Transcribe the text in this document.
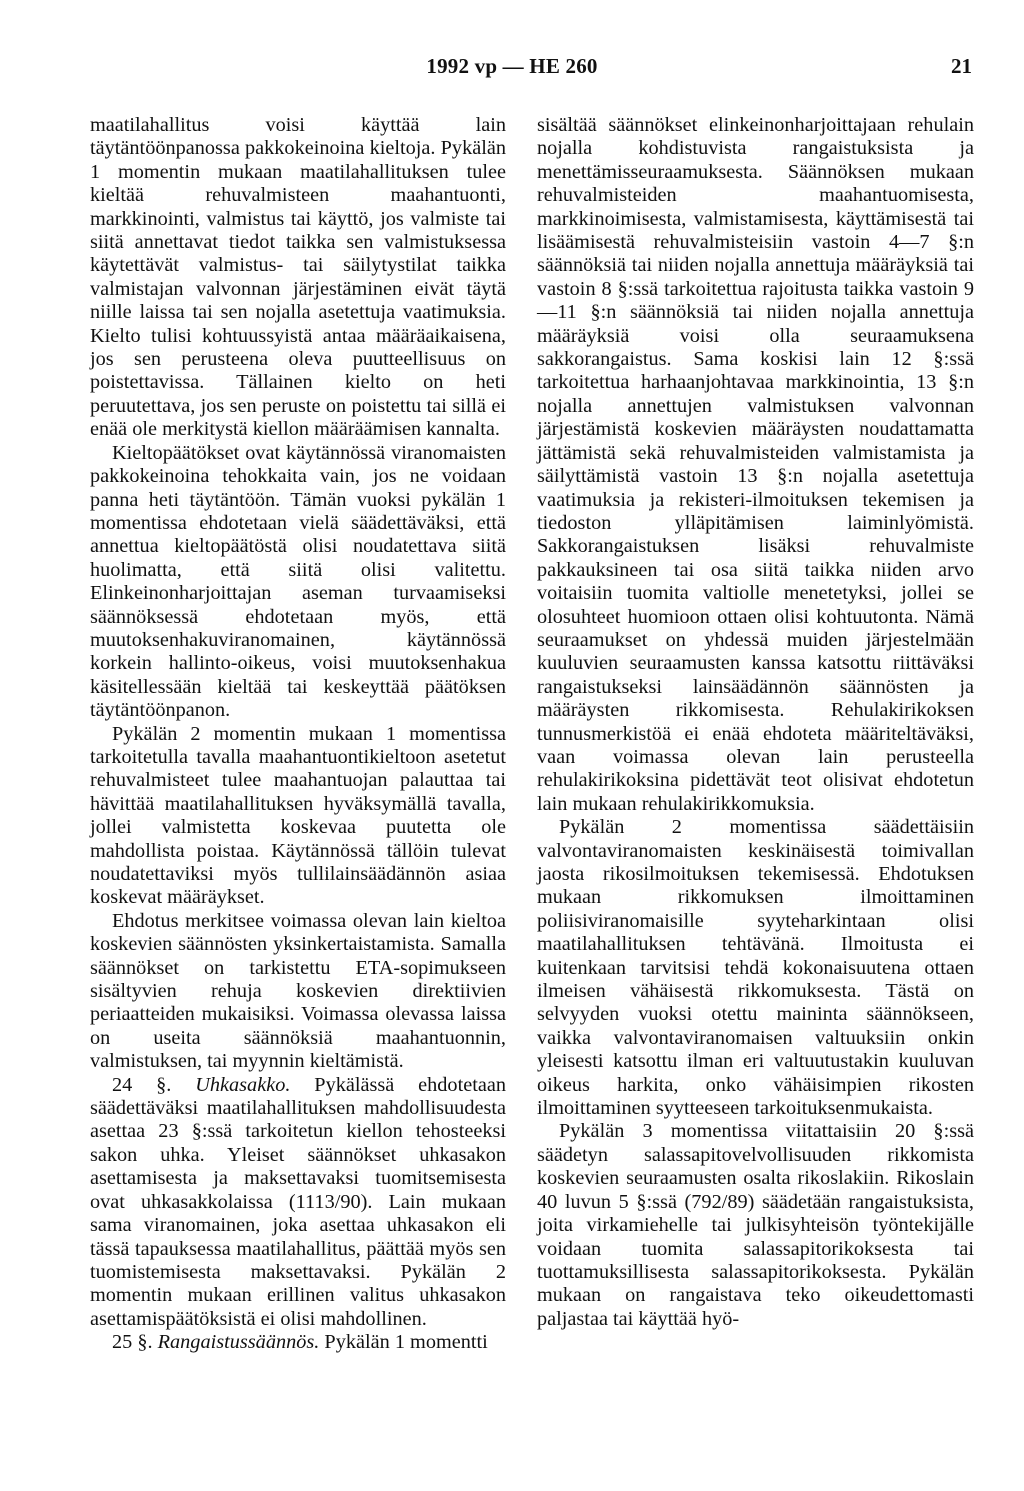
1992 vp — HE 260	21

maatilahallitus voisi käyttää lain täytäntöönpanossa pakkokeinoina kieltoja. Pykälän 1 momentin mukaan maatilahallituksen tulee kieltää rehuvalmisteen maahantuonti, markkinointi, valmistus tai käyttö, jos valmiste tai siitä annettavat tiedot taikka sen valmistuksessa käytettävät valmistus- tai säilytystilat taikka valmistajan valvonnan järjestäminen eivät täytä niille laissa tai sen nojalla asetettuja vaatimuksia. Kielto tulisi kohtuussyistä antaa määräaikaisena, jos sen perusteena oleva puutteellisuus on poistettavissa. Tällainen kielto on heti peruutettava, jos sen peruste on poistettu tai sillä ei enää ole merkitystä kiellon määräämisen kannalta.

Kieltopäätökset ovat käytännössä viranomaisten pakkokeinoina tehokkaita vain, jos ne voidaan panna heti täytäntöön. Tämän vuoksi pykälän 1 momentissa ehdotetaan vielä säädettäväksi, että annettua kieltopäätöstä olisi noudatettava siitä huolimatta, että siitä olisi valitettu. Elinkeinonharjoittajan aseman turvaamiseksi säännöksessä ehdotetaan myös, että muutoksenhakuviranomainen, käytännössä korkein hallinto-oikeus, voisi muutoksenhakua käsitellessään kieltää tai keskeyttää päätöksen täytäntöönpanon.

Pykälän 2 momentin mukaan 1 momentissa tarkoitetulla tavalla maahantuontikieltoon asetetut rehuvalmisteet tulee maahantuojan palauttaa tai hävittää maatilahallituksen hyväksymällä tavalla, jollei valmistetta koskevaa puutetta ole mahdollista poistaa. Käytännössä tällöin tulevat noudatettaviksi myös tullilainsäädännön asiaa koskevat määräykset.

Ehdotus merkitsee voimassa olevan lain kieltoa koskevien säännösten yksinkertaistamista. Samalla säännökset on tarkistettu ETA-sopimukseen sisältyvien rehuja koskevien direktiivien periaatteiden mukaisiksi. Voimassa olevassa laissa on useita säännöksiä maahantuonnin, valmistuksen, tai myynnin kieltämistä.

24 §. Uhkasakko. Pykälässä ehdotetaan säädettäväksi maatilahallituksen mahdollisuudesta asettaa 23 §:ssä tarkoitetun kiellon tehosteeksi sakon uhka. Yleiset säännökset uhkasakon asettamisesta ja maksettavaksi tuomitsemisesta ovat uhkasakkolaissa (1113/90). Lain mukaan sama viranomainen, joka asettaa uhkasakon eli tässä tapauksessa maatilahallitus, päättää myös sen tuomistemisesta maksettavaksi. Pykälän 2 momentin mukaan erillinen valitus uhkasakon asettamispäätöksistä ei olisi mahdollinen.

25 §. Rangaistussäännös. Pykälän 1 momentti

sisältää säännökset elinkeinonharjoittajaan rehulain nojalla kohdistuvista rangaistuksista ja menettämisseuraamuksesta. Säännöksen mukaan rehuvalmisteiden maahantuomisesta, markkinoimisesta, valmistamisesta, käyttämisestä tai lisäämisestä rehuvalmisteisiin vastoin 4—7 §:n säännöksiä tai niiden nojalla annettuja määräyksiä tai vastoin 8 §:ssä tarkoitettua rajoitusta taikka vastoin 9—11 §:n säännöksiä tai niiden nojalla annettuja määräyksiä voisi olla seuraamuksena sakkorangaistus. Sama koskisi lain 12 §:ssä tarkoitettua harhaanjohtavaa markkinointia, 13 §:n nojalla annettujen valmistuksen valvonnan järjestämistä koskevien määräysten noudattamatta jättämistä sekä rehuvalmisteiden valmistamista ja säilyttämistä vastoin 13 §:n nojalla asetettuja vaatimuksia ja rekisteri-ilmoituksen tekemisen ja tiedoston ylläpitämisen laiminlyömistä. Sakkorangaistuksen lisäksi rehuvalmiste pakkauksineen tai osa siitä taikka niiden arvo voitaisiin tuomita valtiolle menetetyksi, jollei se olosuhteet huomioon ottaen olisi kohtuutonta. Nämä seuraamukset on yhdessä muiden järjestelmään kuuluvien seuraamusten kanssa katsottu riittäväksi rangaistukseksi lainsäädännön säännösten ja määräysten rikkomisesta. Rehulakirikoksen tunnusmerkistöä ei enää ehdoteta määriteltäväksi, vaan voimassa olevan lain perusteella rehulakirikoksina pidettävät teot olisivat ehdotetun lain mukaan rehulakirikkomuksia.

Pykälän 2 momentissa säädettäisiin valvontaviranomaisten keskinäisestä toimivallan jaosta rikosilmoituksen tekemisessä. Ehdotuksen mukaan rikkomuksen ilmoittaminen poliisiviranomaisille syyteharkintaan olisi maatilahallituksen tehtävänä. Ilmoitusta ei kuitenkaan tarvitsisi tehdä kokonaisuutena ottaen ilmeisen vähäisestä rikkomuksesta. Tästä on selvyyden vuoksi otettu maininta säännökseen, vaikka valvontaviranomaisen valtuuksiin onkin yleisesti katsottu ilman eri valtuutustakin kuuluvan oikeus harkita, onko vähäisimpien rikosten ilmoittaminen syytteeseen tarkoituksenmukaista.

Pykälän 3 momentissa viitattaisiin 20 §:ssä säädetyn salassapitovelvollisuuden rikkomista koskevien seuraamusten osalta rikoslakiin. Rikoslain 40 luvun 5 §:ssä (792/89) säädetään rangaistuksista, joita virkamiehelle tai julkisyhteisön työntekijälle voidaan tuomita salassapitorikoksesta tai tuottamuksillisesta salassapitorikoksesta. Pykälän mukaan on rangaistava teko oikeudettomasti paljastaa tai käyttää hyö-
